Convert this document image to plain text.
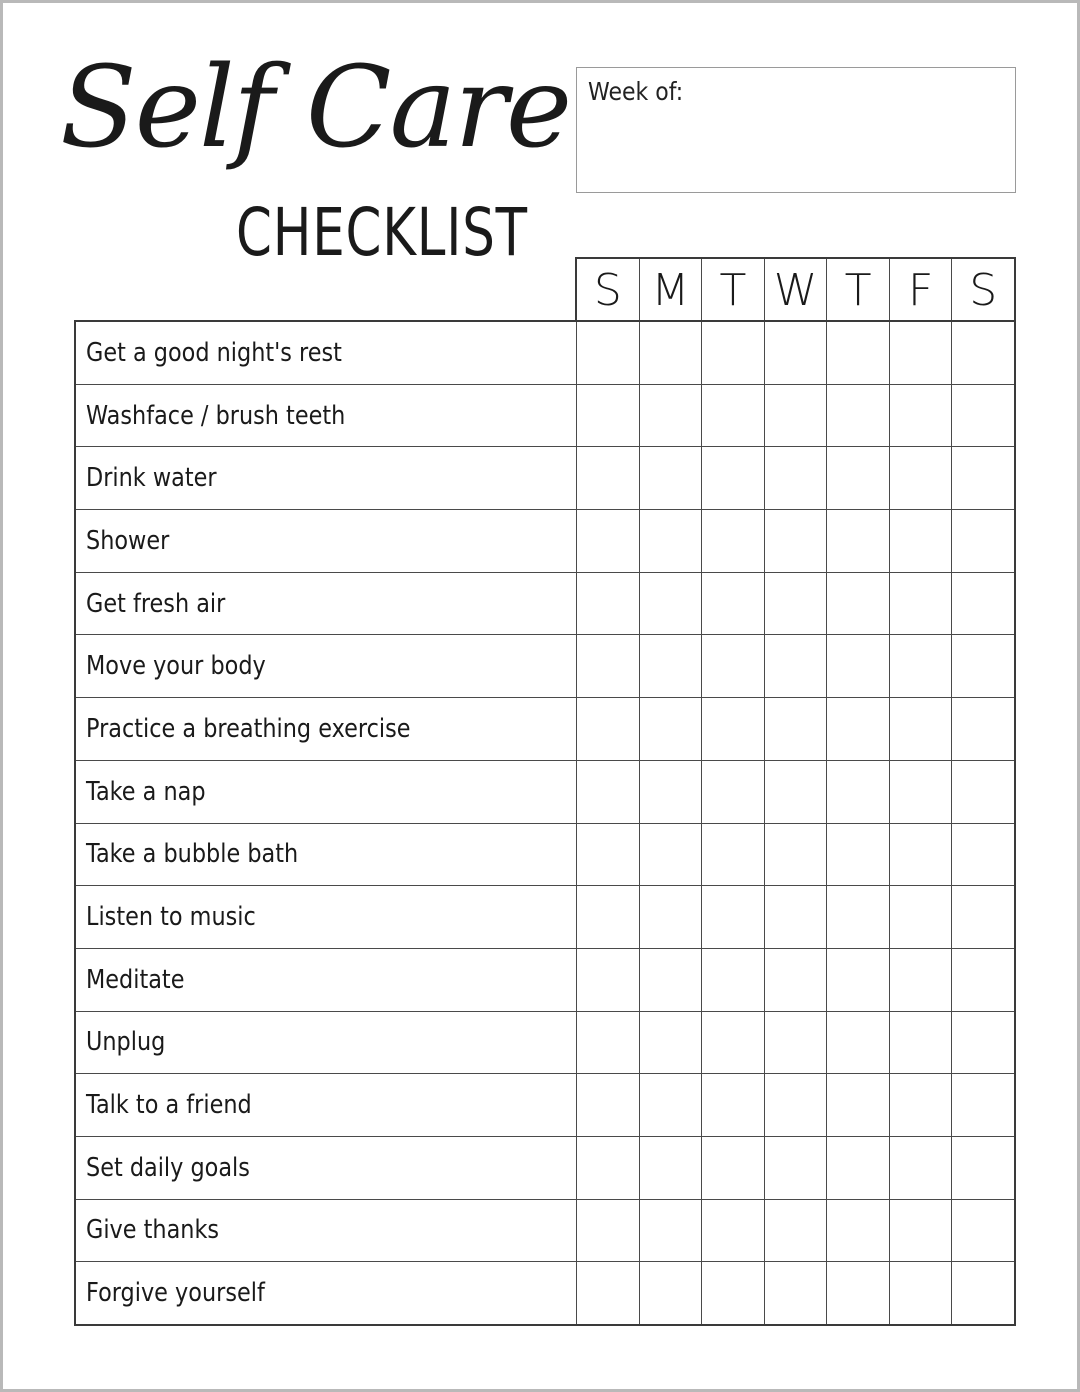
Self Care
CHECKLIST
Week of:
S M T W T F S
Get a good night's rest
Washface / brush teeth
Drink water
Shower
Get fresh air
Move your body
Practice a breathing exercise
Take a nap
Take a bubble bath
Listen to music
Meditate
Unplug
Talk to a friend
Set daily goals
Give thanks
Forgive yourself
